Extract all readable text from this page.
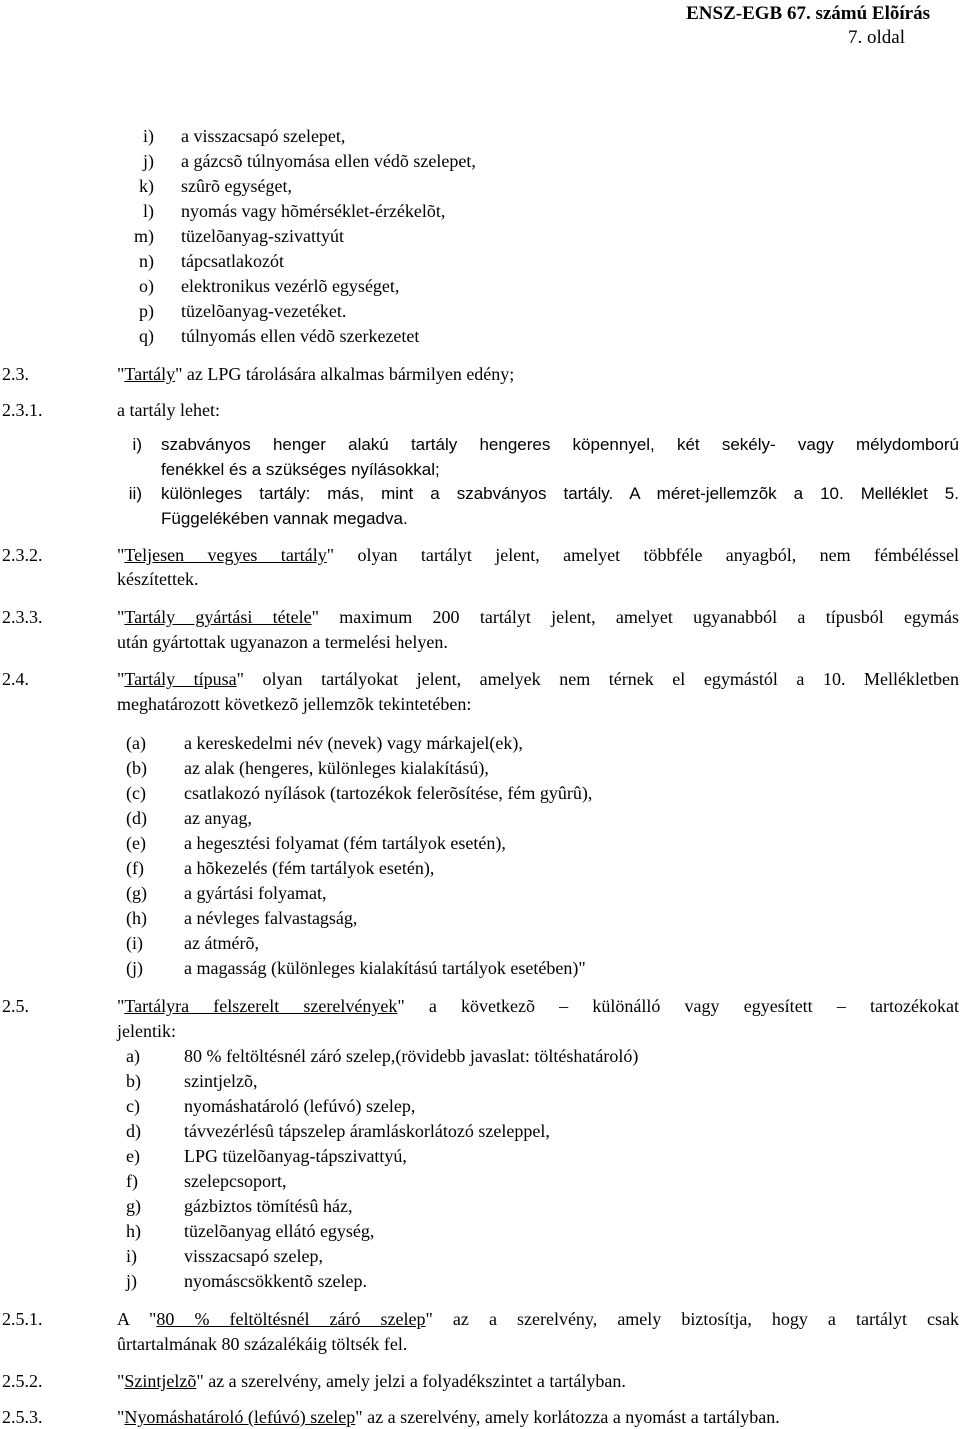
ENSZ-EGB 67. számú Elõírás
7. oldal
i) a visszacsapó szelepet,
j) a gázcsõ túlnyomása ellen védõ szelepet,
k) szûrõ egységet,
l) nyomás vagy hõmérséklet-érzékelõt,
m) tüzelõanyag-szivattyút
n) tápcsatlakozót
o) elektronikus vezérlõ egységet,
p) tüzelõanyag-vezetéket.
q) túlnyomás ellen védõ szerkezetet
2.3.	"Tartály" az LPG tárolására alkalmas bármilyen edény;
2.3.1.	a tartály lehet:
i) szabványos henger alakú tartály hengeres köpennyel, két sekély- vagy mélydomború
fenékkel és a szükséges nyílásokkal;
ii) különleges tartály: más, mint a szabványos tartály. A méret-jellemzõk a 10. Melléklet 5.
Függelékében vannak megadva.
2.3.2.	"Teljesen vegyes tartály" olyan tartályt jelent, amelyet többféle anyagból, nem fémbéléssel
készítettek.
2.3.3.	"Tartály gyártási tétele" maximum 200 tartályt jelent, amelyet ugyanabból a típusból egymás
után gyártottak ugyanazon a termelési helyen.
2.4.	"Tartály típusa" olyan tartályokat jelent, amelyek nem térnek el egymástól a 10. Mellékletben
meghatározott következõ jellemzõk tekintetében:
(a) a kereskedelmi név (nevek) vagy márkajel(ek),
(b) az alak (hengeres, különleges kialakítású),
(c) csatlakozó nyílások (tartozékok felerõsítése, fém gyûrû),
(d) az anyag,
(e) a hegesztési folyamat (fém tartályok esetén),
(f) a hõkezelés (fém tartályok esetén),
(g) a gyártási folyamat,
(h) a névleges falvastagság,
(i) az átmérõ,
(j) a magasság (különleges kialakítású tartályok esetében)"
2.5.	"Tartályra felszerelt szerelvények" a következõ – különálló vagy egyesített – tartozékokat
jelentik:
a) 80 % feltöltésnél záró szelep,(rövidebb javaslat: töltéshatároló)
b) szintjelzõ,
c) nyomáshatároló (lefúvó) szelep,
d) távvezérlésû tápszelep áramláskorlátozó szeleppel,
e) LPG tüzelõanyag-tápszivattyú,
f)	szelepcsoport,
g) gázbiztos tömítésû ház,
h) tüzelõanyag ellátó egység,
i)	visszacsapó szelep,
j)	nyomáscsökkentõ szelep.
2.5.1.	A "80 % feltöltésnél záró szelep" az a szerelvény, amely biztosítja, hogy a tartályt csak
ûrtartalmának 80 százalékáig töltsék fel.
2.5.2.	"Szintjelzõ" az a szerelvény, amely jelzi a folyadékszintet a tartályban.
2.5.3.	"Nyomáshatároló (lefúvó) szelep" az a szerelvény, amely korlátozza a nyomást a tartályban.
